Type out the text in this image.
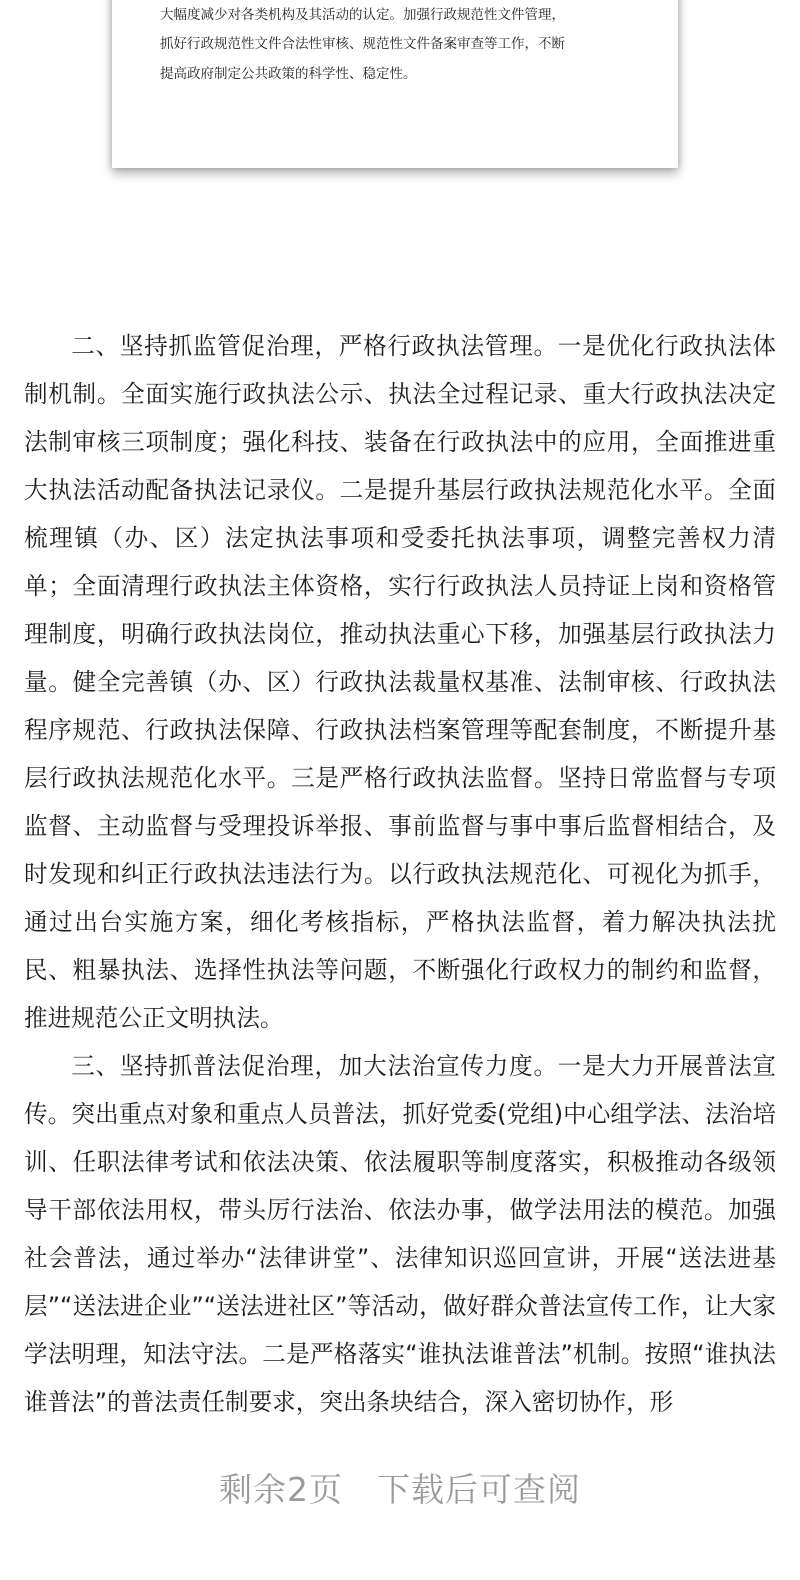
大幅度减少对各类机构及其活动的认定。加强行政规范性文件管理，
抓好行政规范性文件合法性审核、规范性文件备案审查等工作，不断
提高政府制定公共政策的科学性、稳定性。

二、坚持抓监管促治理，严格行政执法管理。一是优化行政执法体制机制。全面实施行政执法公示、执法全过程记录、重大行政执法决定法制审核三项制度；强化科技、装备在行政执法中的应用，全面推进重大执法活动配备执法记录仪。二是提升基层行政执法规范化水平。全面梳理镇（办、区）法定执法事项和受委托执法事项，调整完善权力清单；全面清理行政执法主体资格，实行行政执法人员持证上岗和资格管理制度，明确行政执法岗位，推动执法重心下移，加强基层行政执法力量。健全完善镇（办、区）行政执法裁量权基准、法制审核、行政执法程序规范、行政执法保障、行政执法档案管理等配套制度，不断提升基层行政执法规范化水平。三是严格行政执法监督。坚持日常监督与专项监督、主动监督与受理投诉举报、事前监督与事中事后监督相结合，及时发现和纠正行政执法违法行为。以行政执法规范化、可视化为抓手，通过出台实施方案，细化考核指标，严格执法监督，着力解决执法扰民、粗暴执法、选择性执法等问题，不断强化行政权力的制约和监督，推进规范公正文明执法。

三、坚持抓普法促治理，加大法治宣传力度。一是大力开展普法宣传。突出重点对象和重点人员普法，抓好党委(党组)中心组学法、法治培训、任职法律考试和依法决策、依法履职等制度落实，积极推动各级领导干部依法用权，带头厉行法治、依法办事，做学法用法的模范。加强社会普法，通过举办“法律讲堂”、法律知识巡回宣讲，开展“送法进基层”“送法进企业”“送法进社区”等活动，做好群众普法宣传工作，让大家学法明理，知法守法。二是严格落实“谁执法谁普法”机制。按照“谁执法谁普法”的普法责任制要求，突出条块结合，深入密切协作，形

剩余2页 下载后可查阅
